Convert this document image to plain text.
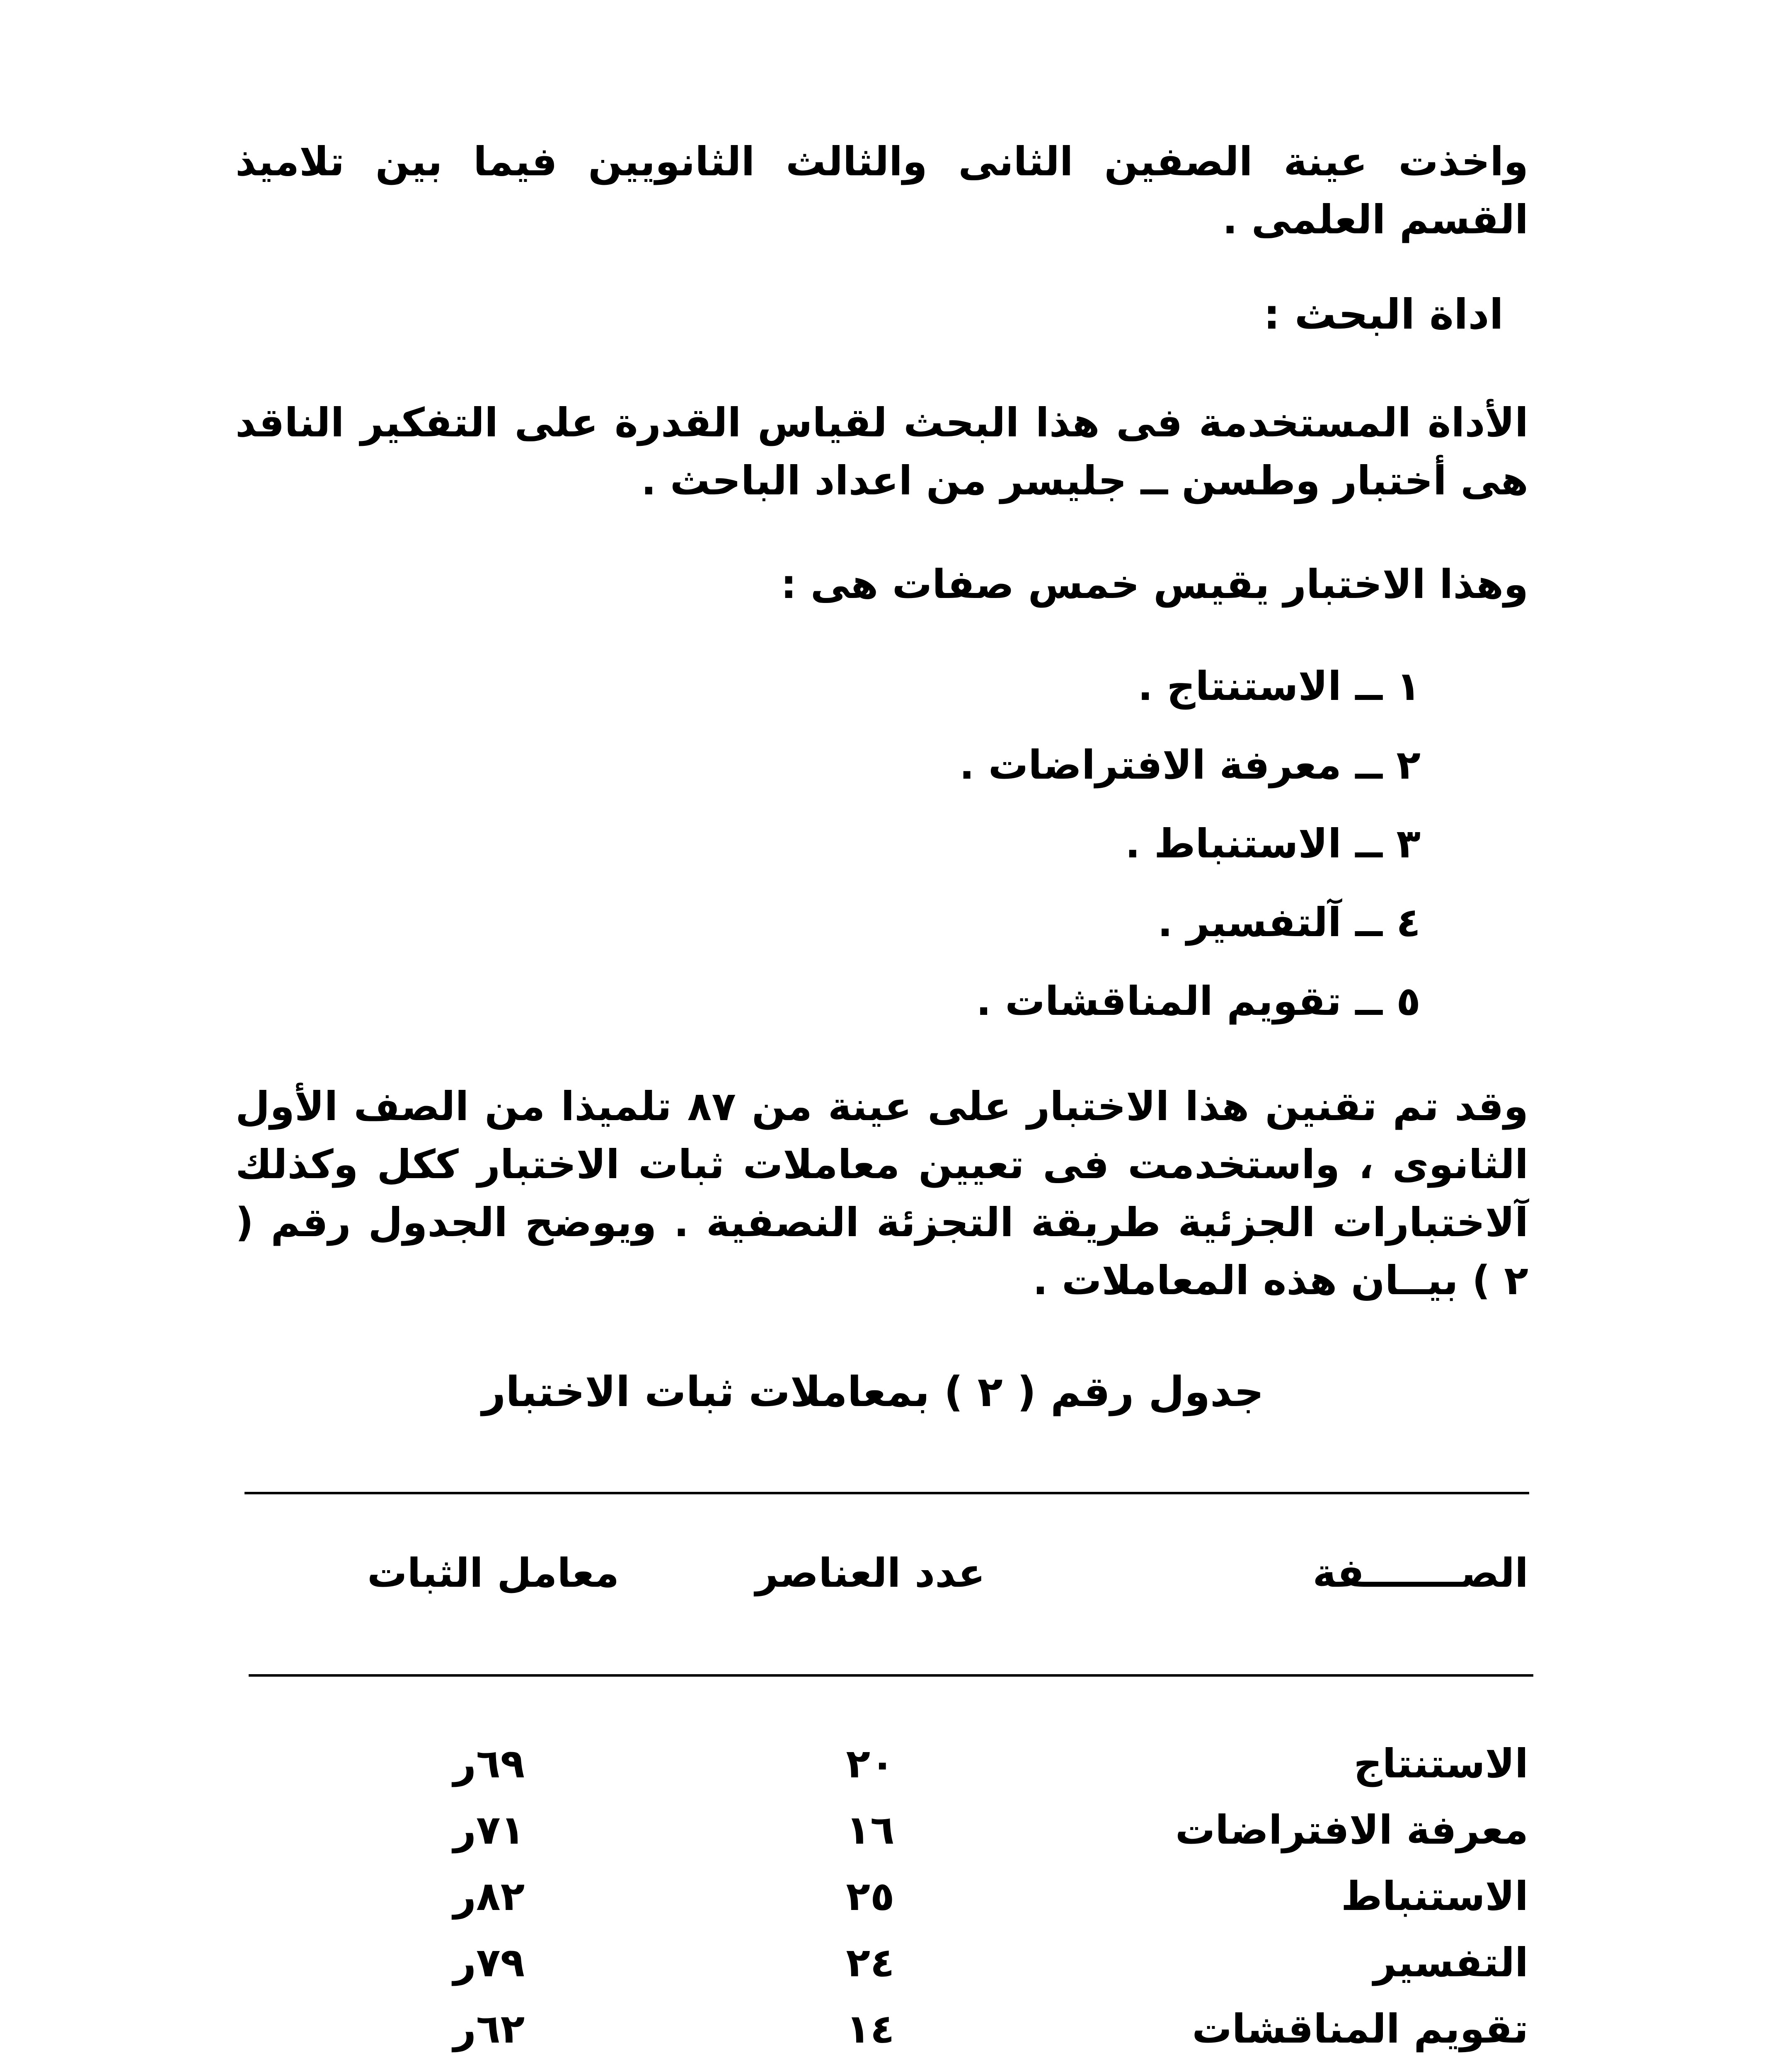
واخذت عينة الصفين الثانى والثالث الثانويين فيما بين تلاميذ القسم العلمى .
اداة البحث :
الأداة المستخدمة فى هذا البحث لقياس القدرة على التفكير الناقد هى أختبار وطسن ــ جليسر من اعداد الباحث .
وهذا الاختبار يقيس خمس صفات هى :
١ ــ الاستنتاج .
٢ ــ معرفة الافتراضات .
٣ ــ الاستنباط .
٤ ــ آلتفسير .
٥ ــ تقويم المناقشات .
وقد تم تقنين هذا الاختبار على عينة من ٨٧ تلميذا من الصف الأول الثانوى ، واستخدمت فى تعيين معاملات ثبات الاختبار ككل وكذلك آلاختبارات الجزئية طريقة التجزئة النصفية . ويوضح الجدول رقم ( ٢ ) بيــان هذه المعاملات .
جدول رقم ( ٢ ) بمعاملات ثبات الاختبار
الصـــــــفة
عدد العناصر
معامل الثبات
الاستنتاج
٢٠
٦٩ر
معرفة الافتراضات
١٦
٧١ر
الاستنباط
٢٥
٨٢ر
التفسير
٢٤
٧٩ر
تقويم المناقشات
١٤
٦٢ر
